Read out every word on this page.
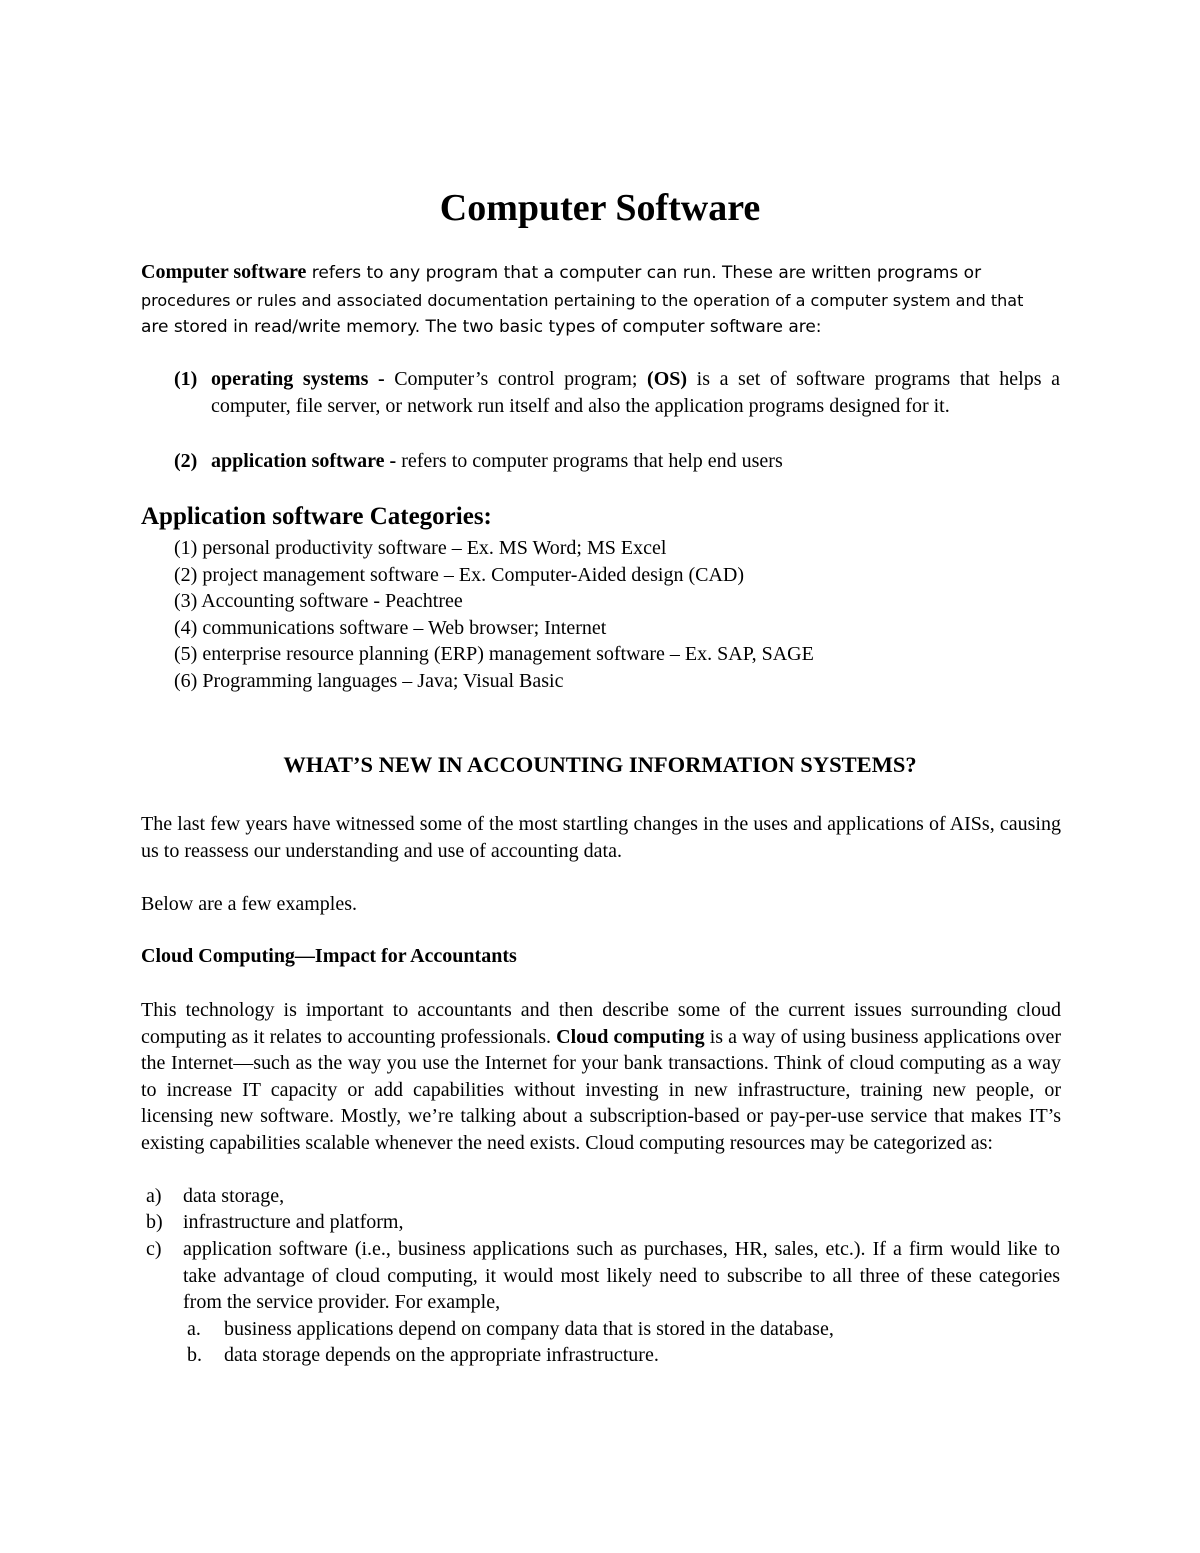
Computer Software
Computer software refers to any program that a computer can run. These are written programs or
procedures or rules and associated documentation pertaining to the operation of a computer system and that
are stored in read/write memory. The two basic types of computer software are:
(1) operating systems - Computer’s control program; (OS) is a set of software programs that helps a computer, file server, or network run itself and also the application programs designed for it.
(2) application software - refers to computer programs that help end users
Application software Categories:
(1) personal productivity software – Ex. MS Word; MS Excel
(2) project management software – Ex. Computer-Aided design (CAD)
(3) Accounting software - Peachtree
(4) communications software – Web browser; Internet
(5) enterprise resource planning (ERP) management software – Ex. SAP, SAGE
(6) Programming languages – Java; Visual Basic
WHAT’S NEW IN ACCOUNTING INFORMATION SYSTEMS?
The last few years have witnessed some of the most startling changes in the uses and applications of AISs, causing us to reassess our understanding and use of accounting data.
Below are a few examples.
Cloud Computing—Impact for Accountants
This technology is important to accountants and then describe some of the current issues surrounding cloud computing as it relates to accounting professionals. Cloud computing is a way of using business applications over the Internet—such as the way you use the Internet for your bank transactions. Think of cloud computing as a way to increase IT capacity or add capabilities without investing in new infrastructure, training new people, or licensing new software. Mostly, we’re talking about a subscription-based or pay-per-use service that makes IT’s existing capabilities scalable whenever the need exists. Cloud computing resources may be categorized as:
a) data storage,
b) infrastructure and platform,
c) application software (i.e., business applications such as purchases, HR, sales, etc.). If a firm would like to take advantage of cloud computing, it would most likely need to subscribe to all three of these categories from the service provider. For example,
a. business applications depend on company data that is stored in the database,
b. data storage depends on the appropriate infrastructure.
